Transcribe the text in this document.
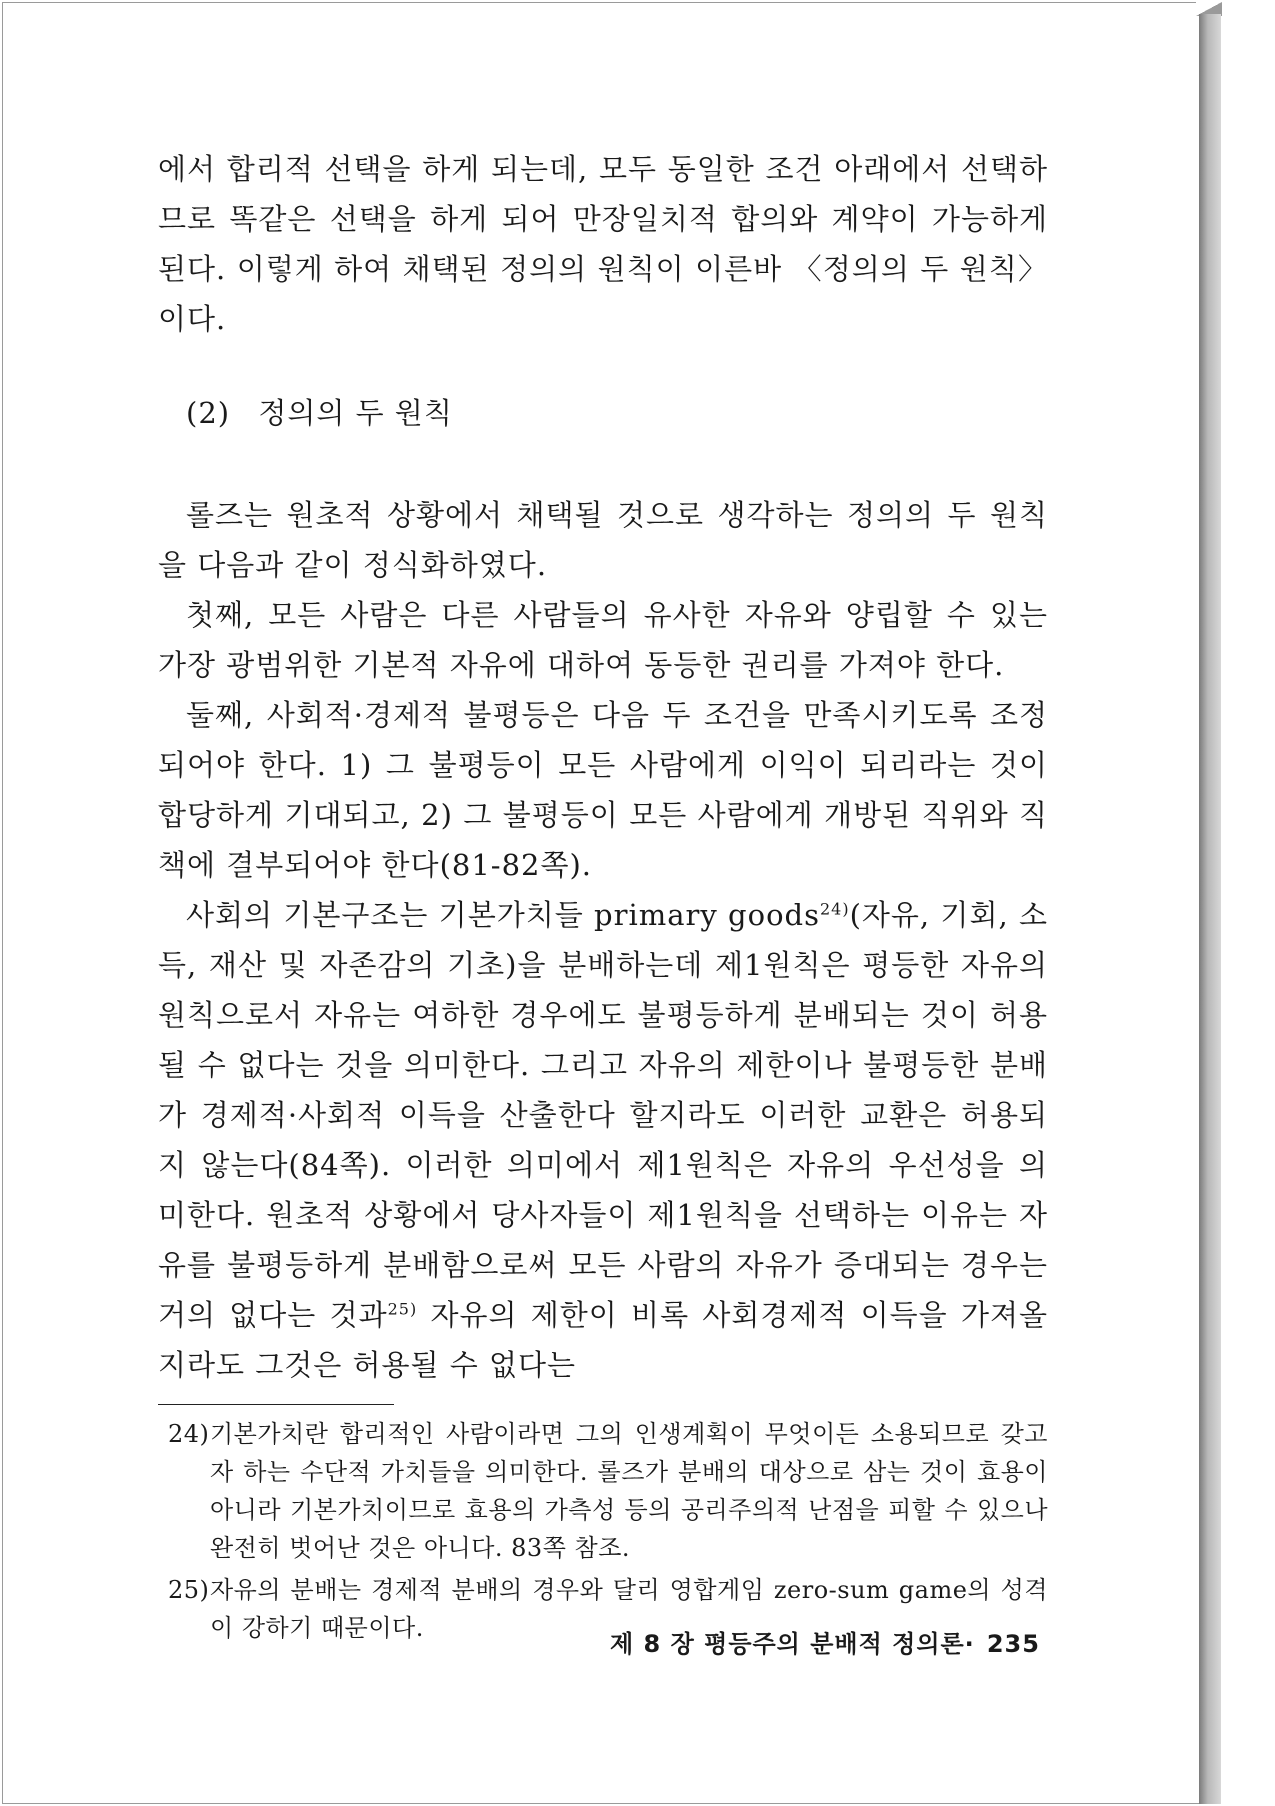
에서 합리적 선택을 하게 되는데, 모두 동일한 조건 아래에서 선택하므로 똑같은 선택을 하게 되어 만장일치적 합의와 계약이 가능하게 된다. 이렇게 하여 채택된 정의의 원칙이 이른바 〈정의의 두 원칙〉이다.

(2) 정의의 두 원칙

롤즈는 원초적 상황에서 채택될 것으로 생각하는 정의의 두 원칙을 다음과 같이 정식화하였다.

첫째, 모든 사람은 다른 사람들의 유사한 자유와 양립할 수 있는 가장 광범위한 기본적 자유에 대하여 동등한 권리를 가져야 한다.

둘째, 사회적·경제적 불평등은 다음 두 조건을 만족시키도록 조정되어야 한다. 1) 그 불평등이 모든 사람에게 이익이 되리라는 것이 합당하게 기대되고, 2) 그 불평등이 모든 사람에게 개방된 직위와 직책에 결부되어야 한다(81-82쪽).

사회의 기본구조는 기본가치들 primary goods$^{24)}$(자유, 기회, 소득, 재산 및 자존감의 기초)을 분배하는데 제1원칙은 평등한 자유의 원칙으로서 자유는 여하한 경우에도 불평등하게 분배되는 것이 허용될 수 없다는 것을 의미한다. 그리고 자유의 제한이나 불평등한 분배가 경제적·사회적 이득을 산출한다 할지라도 이러한 교환은 허용되지 않는다(84쪽). 이러한 의미에서 제1원칙은 자유의 우선성을 의미한다. 원초적 상황에서 당사자들이 제1원칙을 선택하는 이유는 자유를 불평등하게 분배함으로써 모든 사람의 자유가 증대되는 경우는 거의 없다는 것과$^{25)}$ 자유의 제한이 비록 사회경제적 이득을 가져올지라도 그것은 허용될 수 없다는

24) 기본가치란 합리적인 사람이라면 그의 인생계획이 무엇이든 소용되므로 갖고자 하는 수단적 가치들을 의미한다. 롤즈가 분배의 대상으로 삼는 것이 효용이 아니라 기본가치이므로 효용의 가측성 등의 공리주의적 난점을 피할 수 있으나 완전히 벗어난 것은 아니다. 83쪽 참조.
25) 자유의 분배는 경제적 분배의 경우와 달리 영합게임 zero-sum game의 성격이 강하기 때문이다.
제 8 장 평등주의 분배적 정의론· 235
